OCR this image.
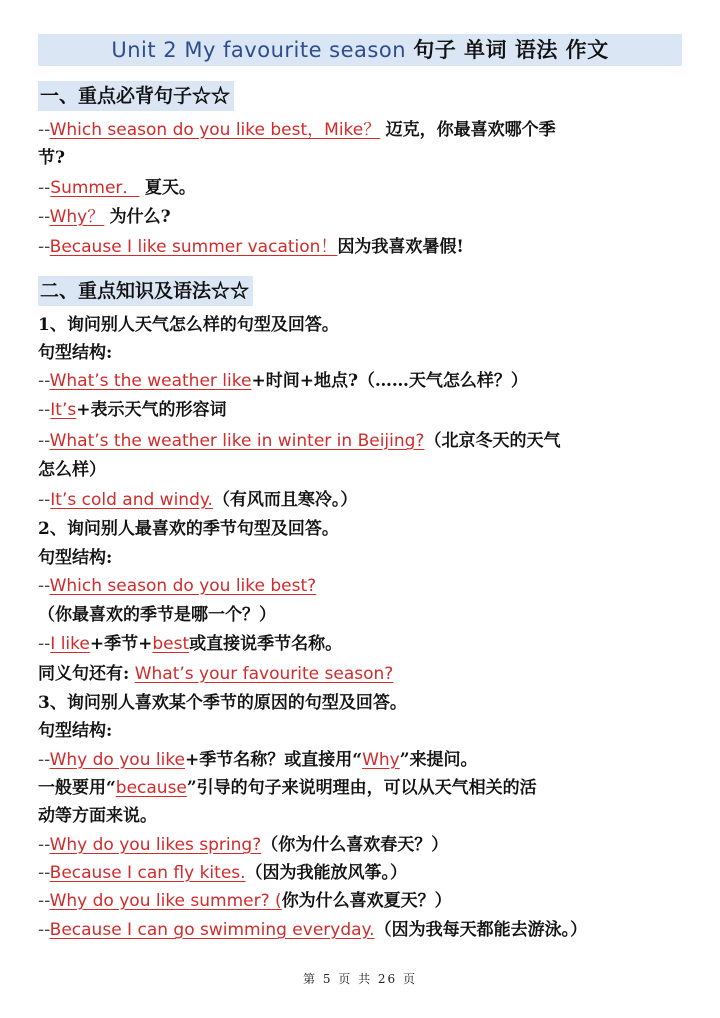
Unit 2 My favourite season 句子 单词 语法 作文
一、重点必背句子☆☆
--Which season do you like best，Mike？ 迈克，你最喜欢哪个季
节?
--Summer． 夏天。
--Why？ 为什么?
--Because I like summer vacation！因为我喜欢暑假!
二、重点知识及语法☆☆
1、询问别人天气怎么样的句型及回答。
句型结构:
--What’s the weather like+时间+地点?（……天气怎么样？）
--It’s+表示天气的形容词
--What’s the weather like in winter in Beijing?（北京冬天的天气
怎么样）
--It’s cold and windy.（有风而且寒冷。）
2、询问别人最喜欢的季节句型及回答。
句型结构:
--Which season do you like best?
（你最喜欢的季节是哪一个？）
--I like+季节+best或直接说季节名称。
同义句还有: What’s your favourite season?
3、询问别人喜欢某个季节的原因的句型及回答。
句型结构:
--Why do you like+季节名称？或直接用“Why”来提问。
一般要用“because”引导的句子来说明理由，可以从天气相关的活
动等方面来说。
--Why do you likes spring?（你为什么喜欢春天？）
--Because I can fly kites.（因为我能放风筝。）
--Why do you like summer? (你为什么喜欢夏天？）
--Because I can go swimming everyday.（因为我每天都能去游泳。）
第 5 页 共 26 页
